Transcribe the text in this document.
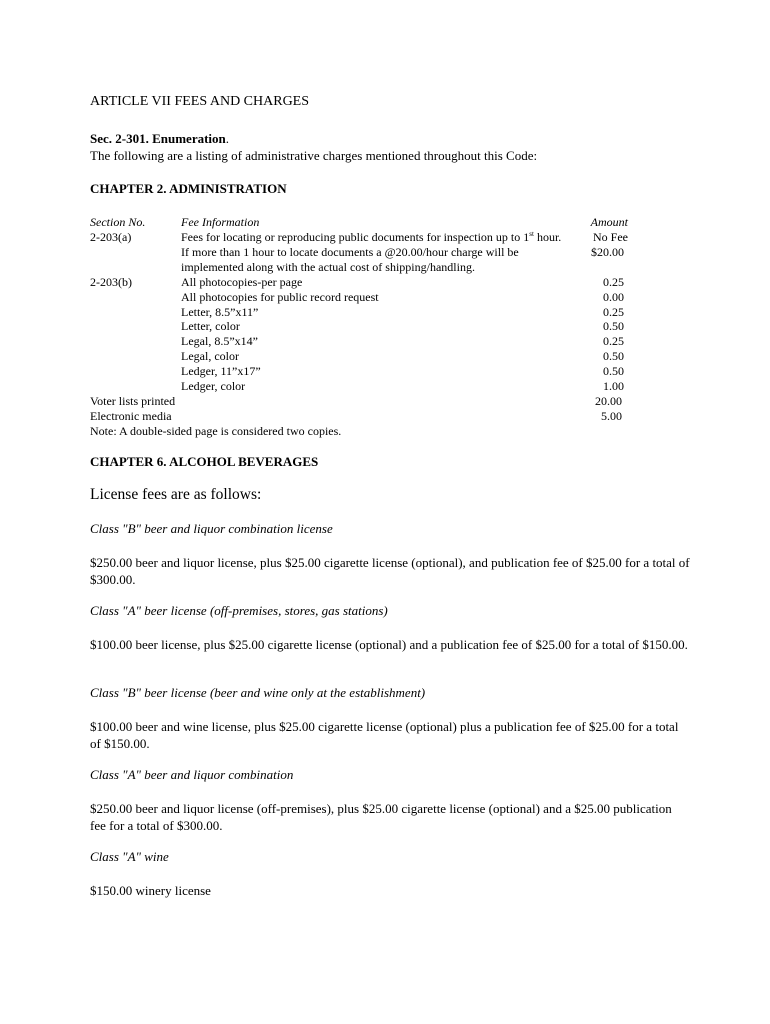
ARTICLE VII FEES AND CHARGES
Sec. 2-301. Enumeration.
The following are a listing of administrative charges mentioned throughout this Code:
CHAPTER 2. ADMINISTRATION
Section No.	Fee Information	Amount
2-203(a)	Fees for locating or reproducing public documents for inspection up to 1st hour.	No Fee
If more than 1 hour to locate documents a @20.00/hour charge will be	$20.00
implemented along with the actual cost of shipping/handling.
2-203(b)	All photocopies-per page	0.25
All photocopies for public record request	0.00
Letter, 8.5”x11”	0.25
Letter, color	0.50
Legal, 8.5”x14”	0.25
Legal, color	0.50
Ledger, 11”x17”	0.50
Ledger, color	1.00
Voter lists printed	20.00
Electronic media	5.00
Note: A double-sided page is considered two copies.
CHAPTER 6. ALCOHOL BEVERAGES
License fees are as follows:
Class "B" beer and liquor combination license
$250.00 beer and liquor license, plus $25.00 cigarette license (optional), and publication fee of $25.00 for a total of $300.00.
Class "A" beer license (off-premises, stores, gas stations)
$100.00 beer license, plus $25.00 cigarette license (optional) and a publication fee of $25.00 for a total of $150.00.
Class "B" beer license (beer and wine only at the establishment)
$100.00 beer and wine license, plus $25.00 cigarette license (optional) plus a publication fee of $25.00 for a total of $150.00.
Class "A" beer and liquor combination
$250.00 beer and liquor license (off-premises), plus $25.00 cigarette license (optional) and a $25.00 publication fee for a total of $300.00.
Class "A" wine
$150.00 winery license
